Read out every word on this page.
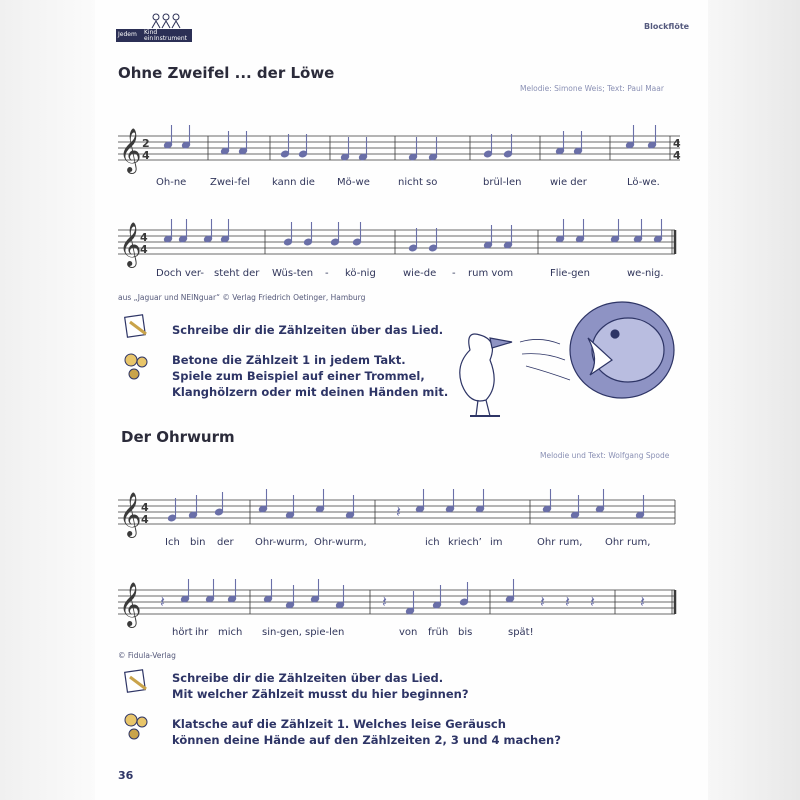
Jedem Kind
ein Instrument
Blockflöte
Ohne Zweifel ... der Löwe
Melodie: Simone Weis; Text: Paul Maar
𝄞
𝄞
𝄞
𝄞
2
4
4
4
4
4
4
4	𝄽
𝄽	𝄽	𝄽 𝄽 𝄽	𝄽
Oh-ne Zwei-fel kann die Mö-we	nicht so	brül-len	wie der	Lö-we.
Doch ver- steht der Wüs-ten - kö-nig	wie-de - rum vom	Flie-gen	we-nig.
aus „Jaguar und NEINguar“ © Verlag Friedrich Oetinger, Hamburg
Schreibe dir die Zählzeiten über das Lied.
Betone die Zählzeit 1 in jedem Takt.
Spiele zum Beispiel auf einer Trommel,
Klanghölzern oder mit deinen Händen mit.
Der Ohrwurm
Melodie und Text: Wolfgang Spode
Ich bin der Ohr-wurm, Ohr-wurm,	ich kriech’ im	Ohr rum, Ohr rum,
hört ihr mich sin-gen, spie-len	von früh bis	spät!
© Fidula-Verlag
Schreibe dir die Zählzeiten über das Lied.
Mit welcher Zählzeit musst du hier beginnen?
Klatsche auf die Zählzeit 1. Welches leise Geräusch
können deine Hände auf den Zählzeiten 2, 3 und 4 machen?
36
